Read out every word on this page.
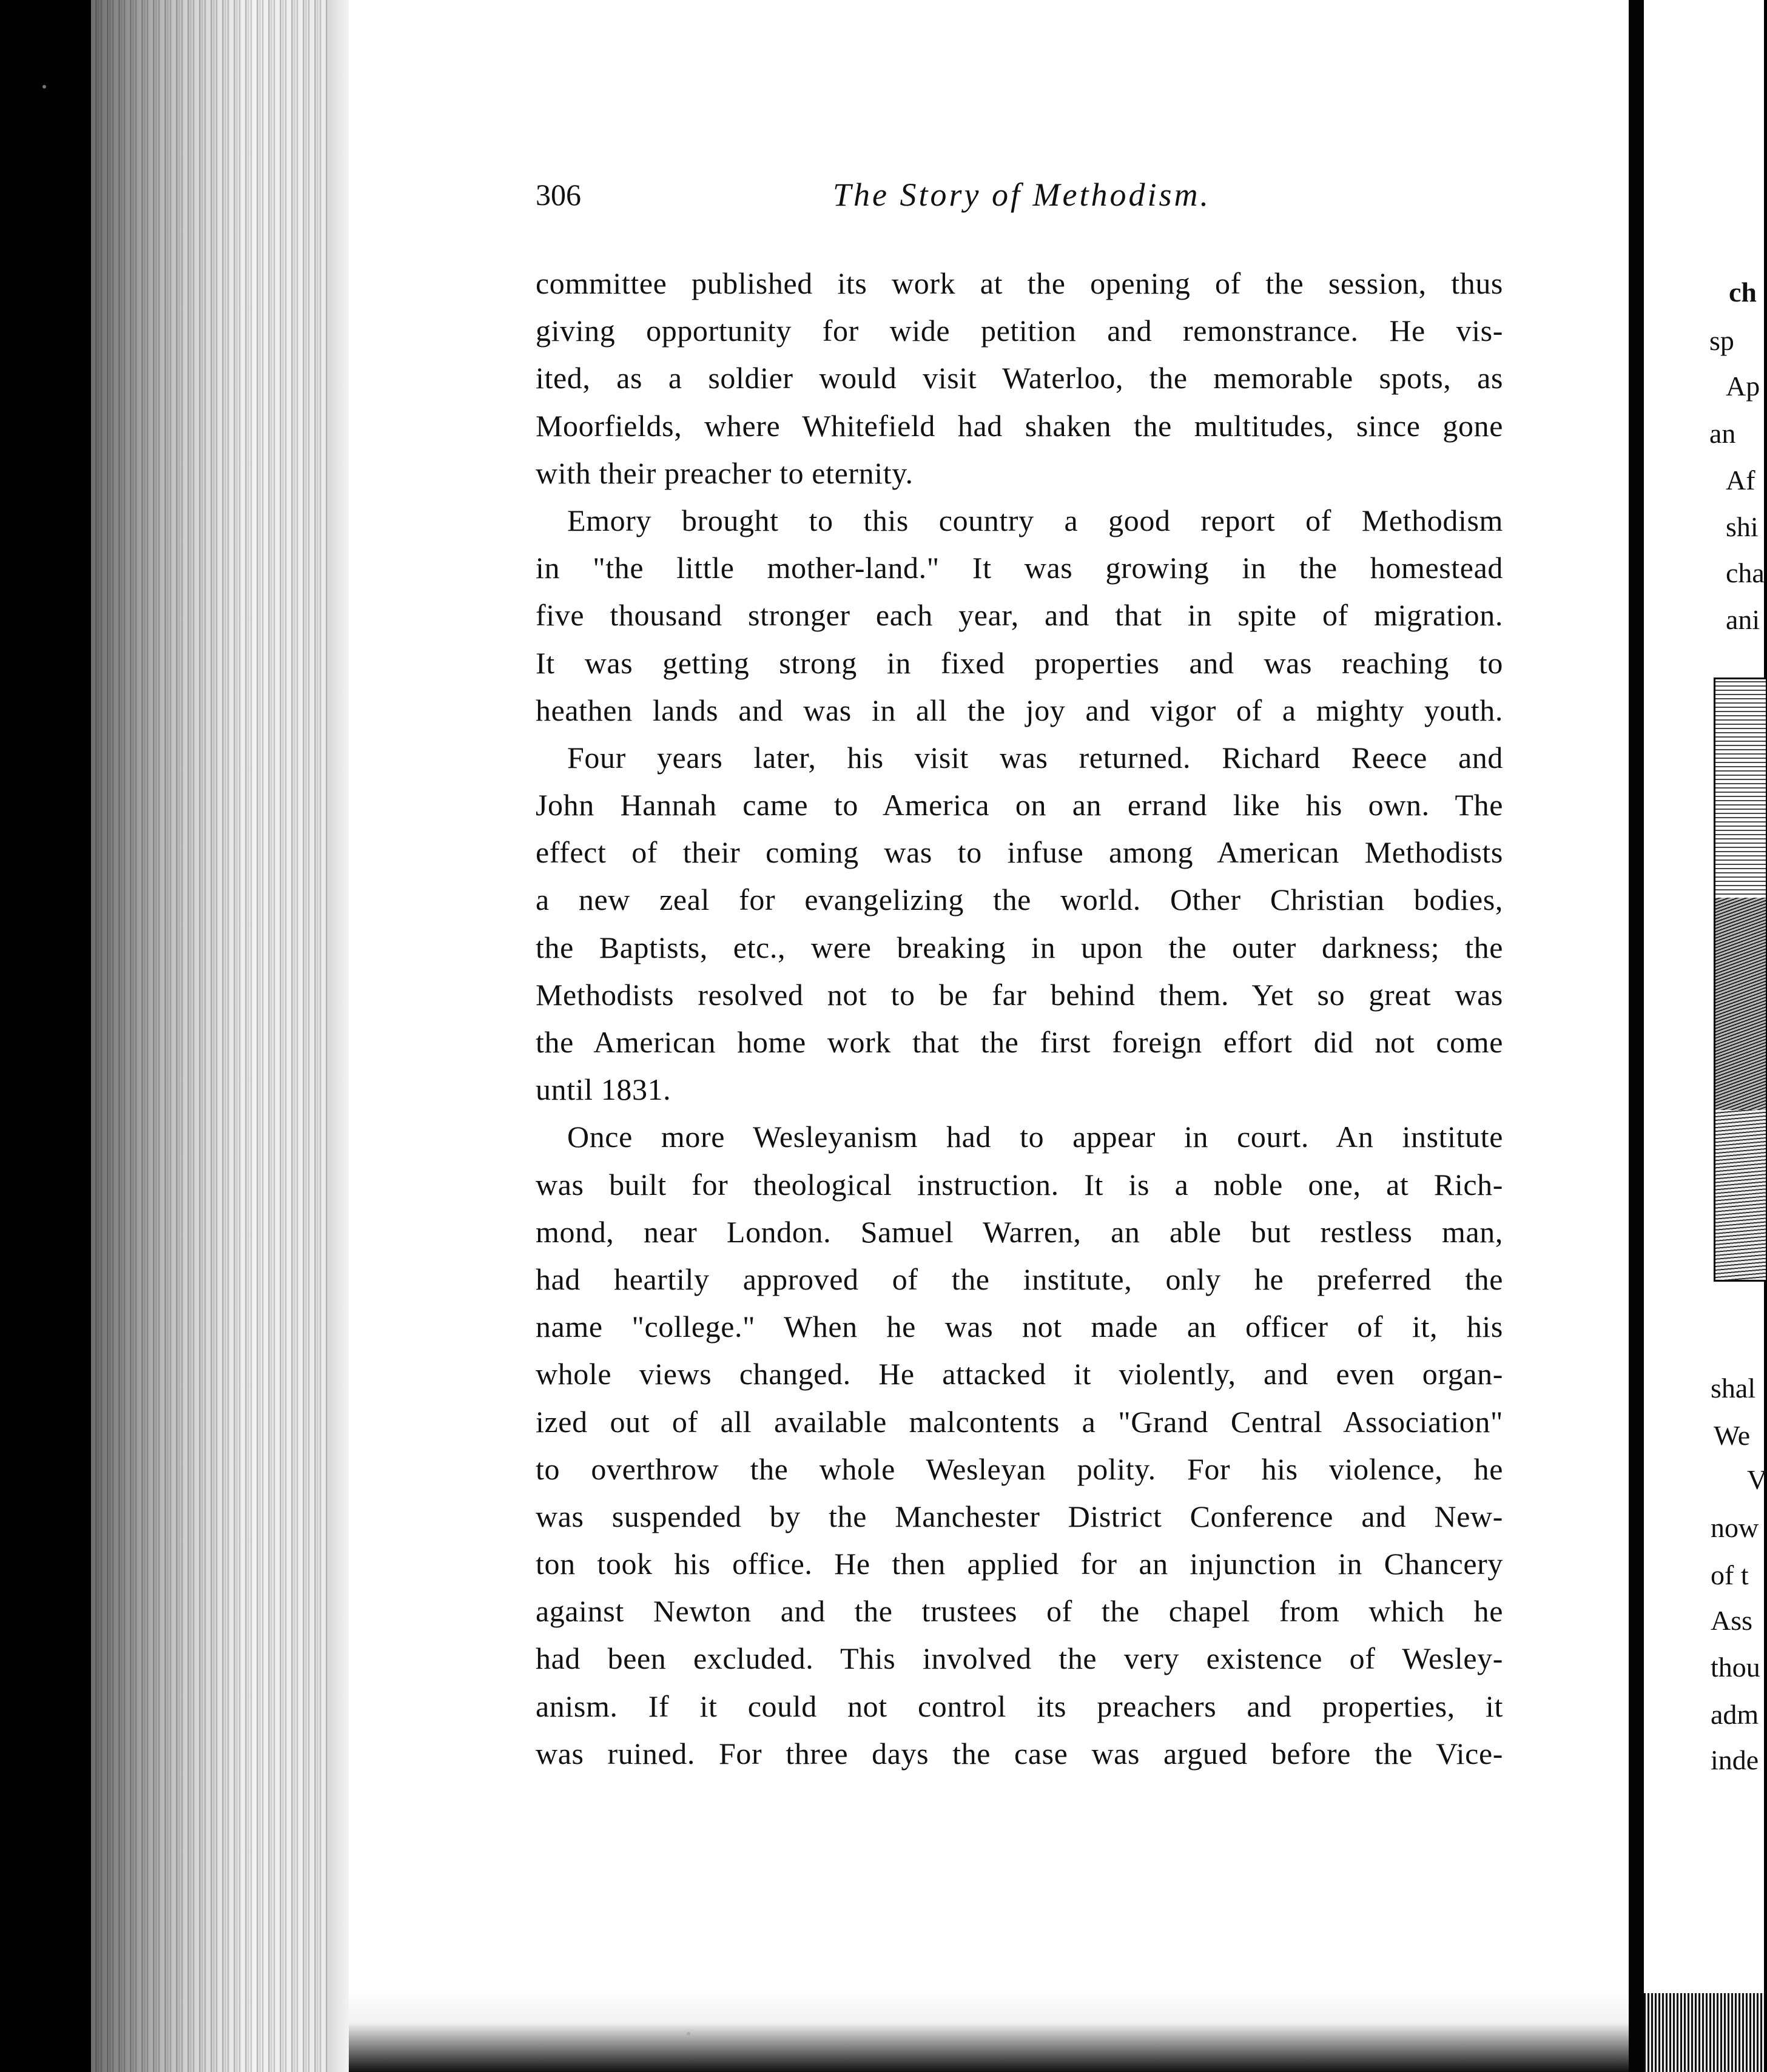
306	The Story of Methodism.
committee published its work at the opening of the session, thus
giving opportunity for wide petition and remonstrance. He vis-
ited, as a soldier would visit Waterloo, the memorable spots, as
Moorfields, where Whitefield had shaken the multitudes, since gone
with their preacher to eternity.
Emory brought to this country a good report of Methodism
in "the little mother-land." It was growing in the homestead
five thousand stronger each year, and that in spite of migration.
It was getting strong in fixed properties and was reaching to
heathen lands and was in all the joy and vigor of a mighty youth.
Four years later, his visit was returned. Richard Reece and
John Hannah came to America on an errand like his own. The
effect of their coming was to infuse among American Methodists
a new zeal for evangelizing the world. Other Christian bodies,
the Baptists, etc., were breaking in upon the outer darkness; the
Methodists resolved not to be far behind them. Yet so great was
the American home work that the first foreign effort did not come
until 1831.
Once more Wesleyanism had to appear in court. An institute
was built for theological instruction. It is a noble one, at Rich-
mond, near London. Samuel Warren, an able but restless man,
had heartily approved of the institute, only he preferred the
name "college." When he was not made an officer of it, his
whole views changed. He attacked it violently, and even organ-
ized out of all available malcontents a "Grand Central Association"
to overthrow the whole Wesleyan polity. For his violence, he
was suspended by the Manchester District Conference and New-
ton took his office. He then applied for an injunction in Chancery
against Newton and the trustees of the chapel from which he
had been excluded. This involved the very existence of Wesley-
anism. If it could not control its preachers and properties, it
was ruined. For three days the case was argued before the Vice-
ch
sp
Ap
an
Af
shi
cha
ani
shal
We
V
now
of t
Ass
thou
adm
inde
